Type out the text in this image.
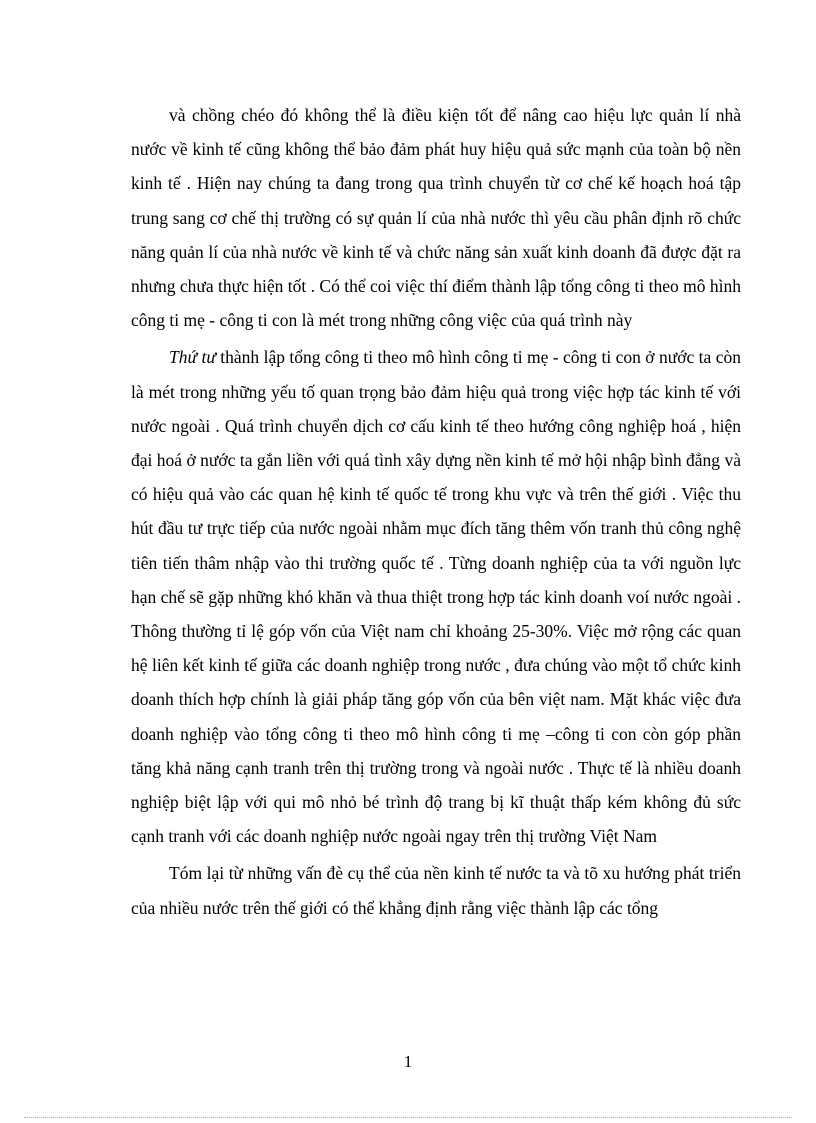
và chồng chéo đó không thể là điều kiện tốt để nâng cao hiệu lực quản lí nhà nước về kinh tế cũng không thể bảo đảm phát huy hiệu quả sức mạnh của toàn bộ nền kinh tế . Hiện nay chúng ta đang trong qua trình chuyển từ cơ chế kế hoạch hoá tập trung sang cơ chế thị trường có sự quản lí của nhà nước thì yêu cầu phân định rõ chức năng quản lí của nhà nước về kinh tế và chức năng sản xuất kinh doanh đã được đặt ra nhưng chưa thực hiện tốt . Có thể coi việc thí điểm thành lập tổng công ti theo mô hình công ti mẹ - công ti con là mét trong những công việc của quá trình này

Thứ tư thành lập tổng công ti theo mô hình công ti mẹ - công ti con ở nước ta còn là mét trong những yếu tố quan trọng bảo đảm hiệu quả trong việc hợp tác kinh tế với nước ngoài . Quá trình chuyển dịch cơ cấu kinh tế theo hướng công nghiệp hoá , hiện đại hoá ở nước ta gắn liền với quá tình xây dựng nền kinh tế mở hội nhập bình đẳng và có hiệu quả vào các quan hệ kinh tế quốc tế trong khu vực và trên thế giới . Việc thu hút đầu tư trực tiếp của nước ngoài nhằm mục đích tăng thêm vốn tranh thủ công nghệ tiên tiến thâm nhập vào thi trường quốc tế . Từng doanh nghiệp của ta với nguồn lực hạn chế sẽ gặp những khó khăn và thua thiệt trong hợp tác kinh doanh voí nước ngoài . Thông thường tỉ lệ góp vốn của Việt nam chỉ khoảng 25-30%. Việc mở rộng các quan hệ liên kết kinh tế giữa các doanh nghiệp trong nước , đưa chúng vào một tổ chức kinh doanh thích hợp chính là giải pháp tăng góp vốn của bên việt nam. Mặt khác việc đưa doanh nghiệp vào tổng công ti theo mô hình công ti mẹ –công ti con còn góp phần tăng khả năng cạnh tranh trên thị trường trong và ngoài nước . Thực tế là nhiều doanh nghiệp biệt lập với qui mô nhỏ bé trình độ trang bị kĩ thuật thấp kém không đủ sức cạnh tranh với các doanh nghiệp nước ngoài ngay trên thị trường Việt Nam

Tóm lại từ những vấn đè cụ thể của nền kinh tế nước ta và tõ xu hướng phát triển của nhiều nước trên thế giới có thể khẳng định rằng việc thành lập các tổng

1
